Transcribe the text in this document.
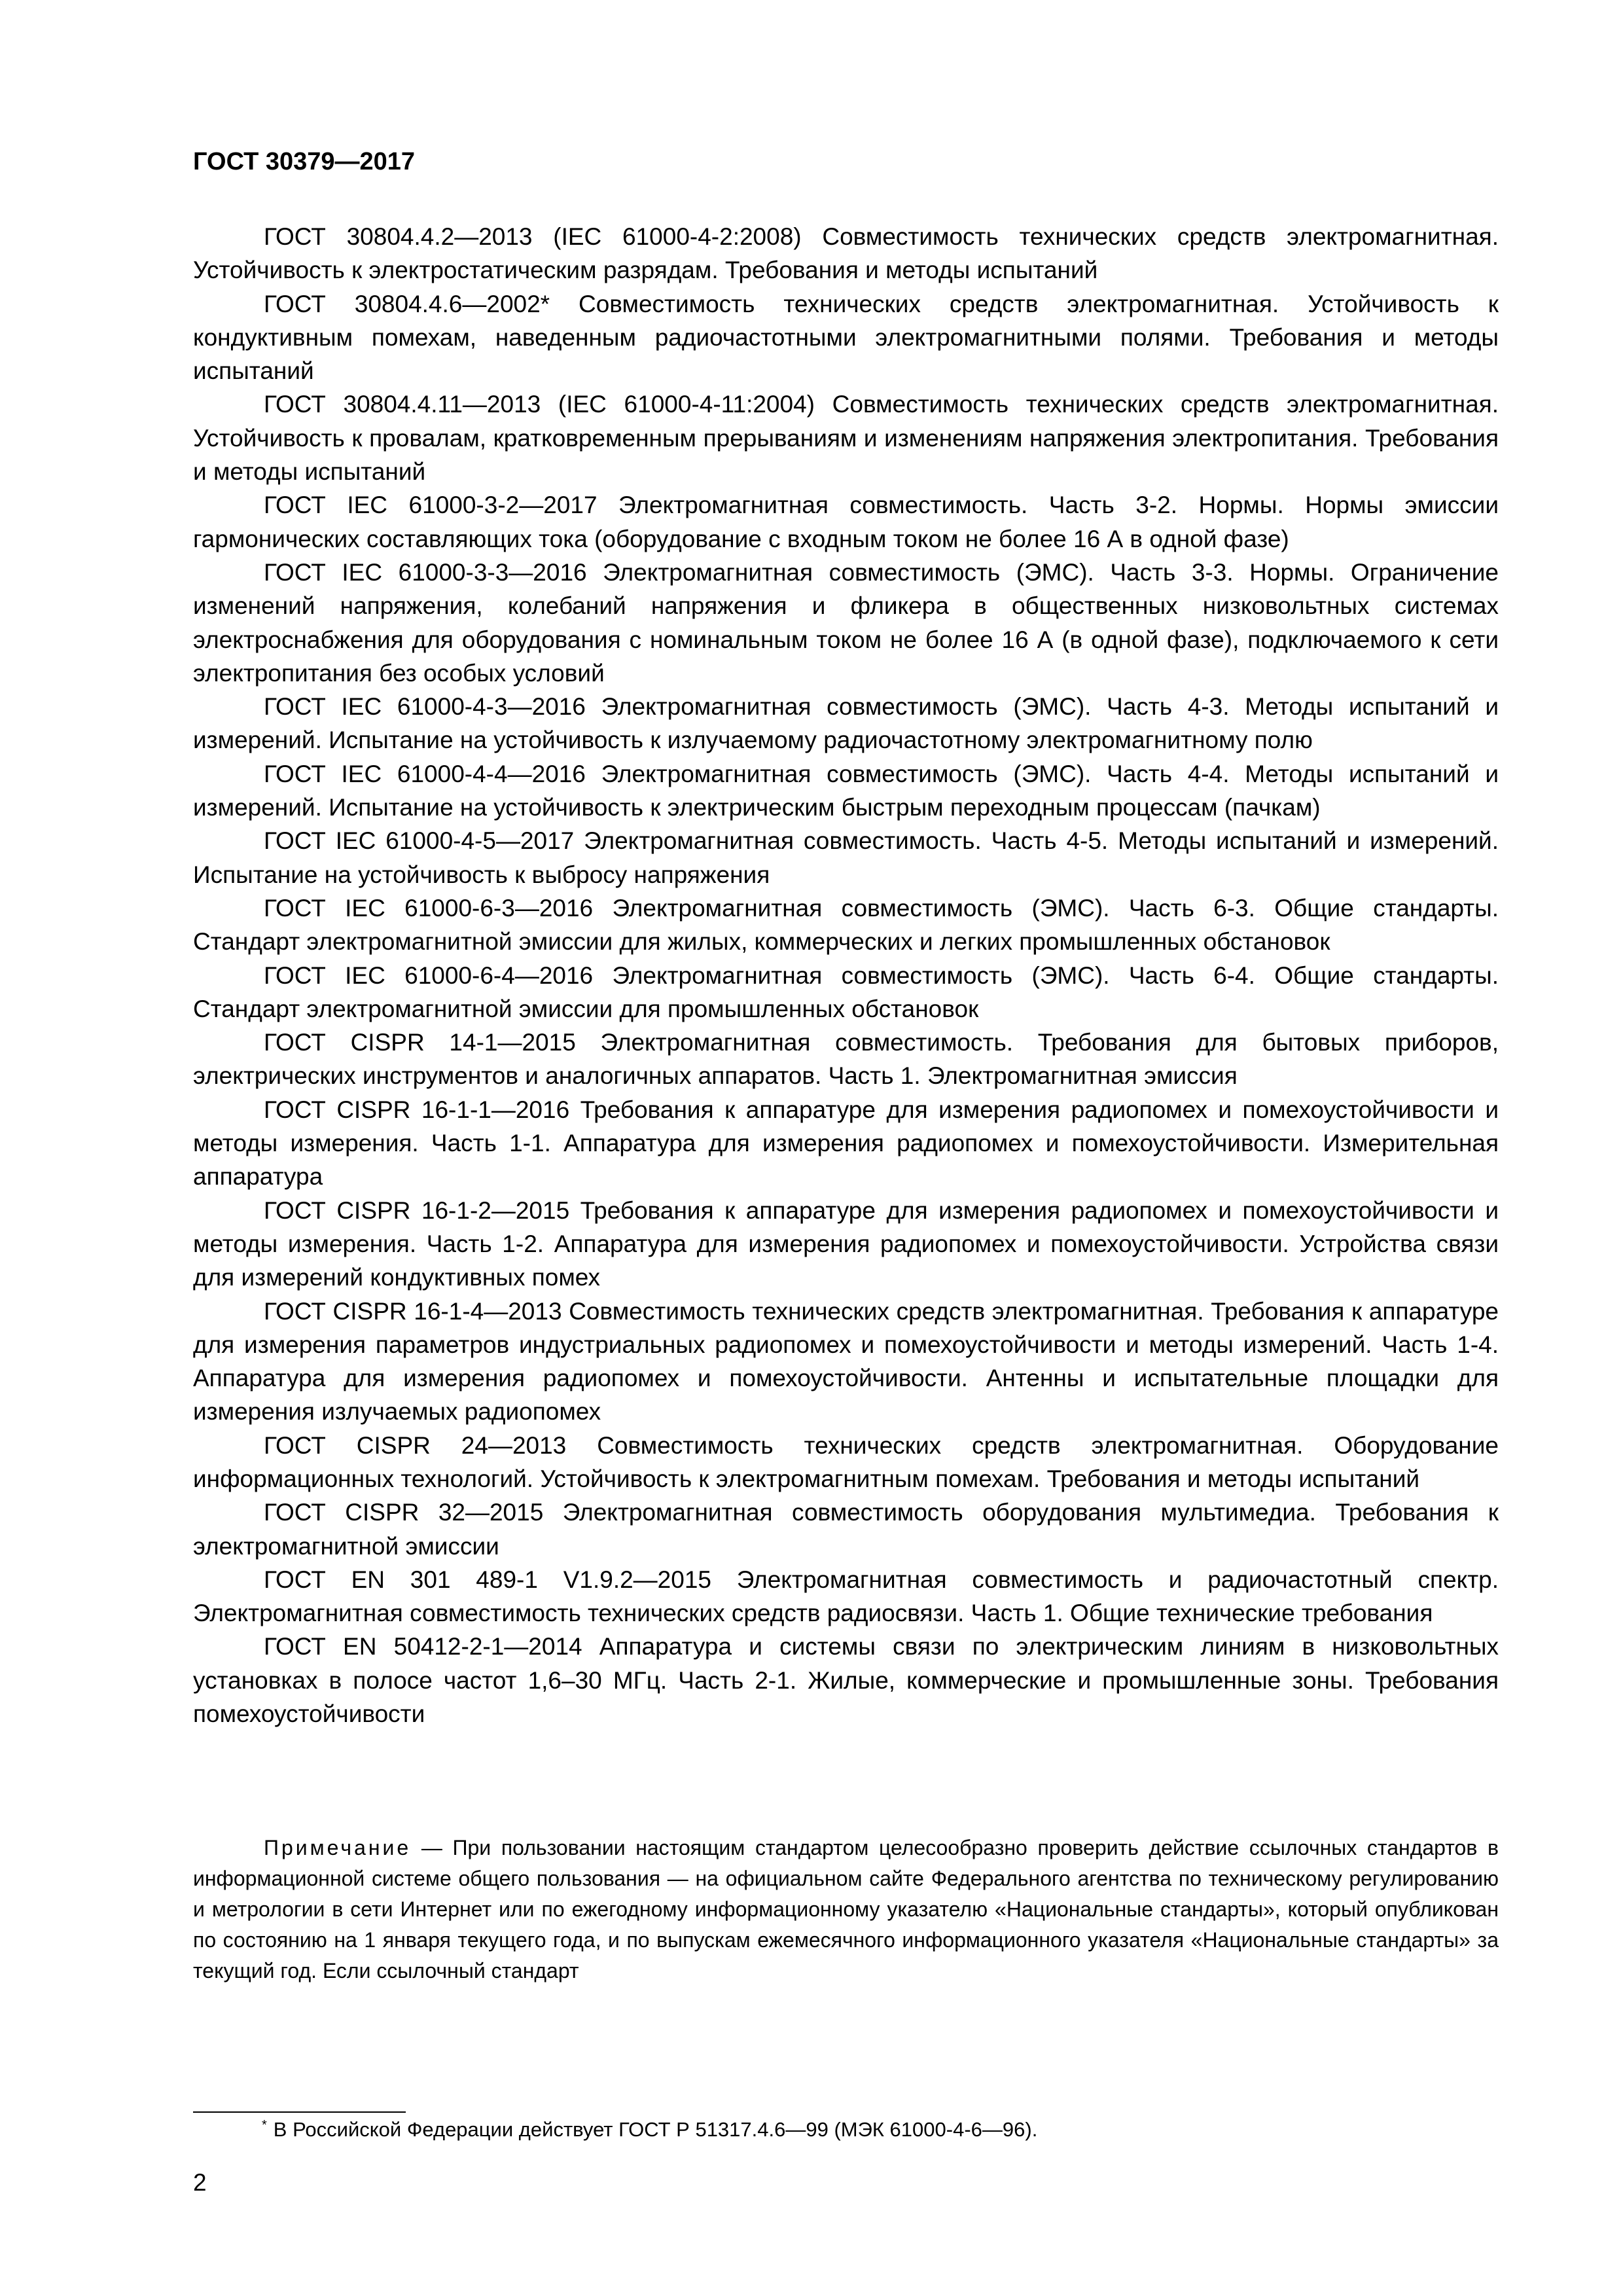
ГОСТ 30379—2017

ГОСТ 30804.4.2—2013 (IEC 61000-4-2:2008) Совместимость технических средств электромагнитная. Устойчивость к электростатическим разрядам. Требования и методы испытаний

ГОСТ 30804.4.6—2002* Совместимость технических средств электромагнитная. Устойчивость к кондуктивным помехам, наведенным радиочастотными электромагнитными полями. Требования и методы испытаний

ГОСТ 30804.4.11—2013 (IEC 61000-4-11:2004) Совместимость технических средств электромагнитная. Устойчивость к провалам, кратковременным прерываниям и изменениям напряжения электропитания. Требования и методы испытаний

ГОСТ IEC 61000-3-2—2017 Электромагнитная совместимость. Часть 3-2. Нормы. Нормы эмиссии гармонических составляющих тока (оборудование с входным током не более 16 А в одной фазе)

ГОСТ IEC 61000-3-3—2016 Электромагнитная совместимость (ЭМС). Часть 3-3. Нормы. Ограничение изменений напряжения, колебаний напряжения и фликера в общественных низковольтных системах электроснабжения для оборудования с номинальным током не более 16 А (в одной фазе), подключаемого к сети электропитания без особых условий

ГОСТ IEC 61000-4-3—2016 Электромагнитная совместимость (ЭМС). Часть 4-3. Методы испытаний и измерений. Испытание на устойчивость к излучаемому радиочастотному электромагнитному полю

ГОСТ IEC 61000-4-4—2016 Электромагнитная совместимость (ЭМС). Часть 4-4. Методы испытаний и измерений. Испытание на устойчивость к электрическим быстрым переходным процессам (пачкам)

ГОСТ IEC 61000-4-5—2017 Электромагнитная совместимость. Часть 4-5. Методы испытаний и измерений. Испытание на устойчивость к выбросу напряжения

ГОСТ IEC 61000-6-3—2016 Электромагнитная совместимость (ЭМС). Часть 6-3. Общие стандарты. Стандарт электромагнитной эмиссии для жилых, коммерческих и легких промышленных обстановок

ГОСТ IEC 61000-6-4—2016 Электромагнитная совместимость (ЭМС). Часть 6-4. Общие стандарты. Стандарт электромагнитной эмиссии для промышленных обстановок

ГОСТ CISPR 14-1—2015 Электромагнитная совместимость. Требования для бытовых приборов, электрических инструментов и аналогичных аппаратов. Часть 1. Электромагнитная эмиссия

ГОСТ CISPR 16-1-1—2016 Требования к аппаратуре для измерения радиопомех и помехоустойчивости и методы измерения. Часть 1-1. Аппаратура для измерения радиопомех и помехоустойчивости. Измерительная аппаратура

ГОСТ CISPR 16-1-2—2015 Требования к аппаратуре для измерения радиопомех и помехоустойчивости и методы измерения. Часть 1-2. Аппаратура для измерения радиопомех и помехоустойчивости. Устройства связи для измерений кондуктивных помех

ГОСТ CISPR 16-1-4—2013 Совместимость технических средств электромагнитная. Требования к аппаратуре для измерения параметров индустриальных радиопомех и помехоустойчивости и методы измерений. Часть 1-4. Аппаратура для измерения радиопомех и помехоустойчивости. Антенны и испытательные площадки для измерения излучаемых радиопомех

ГОСТ CISPR 24—2013 Совместимость технических средств электромагнитная. Оборудование информационных технологий. Устойчивость к электромагнитным помехам. Требования и методы испытаний

ГОСТ CISPR 32—2015 Электромагнитная совместимость оборудования мультимедиа. Требования к электромагнитной эмиссии

ГОСТ EN 301 489-1 V1.9.2—2015 Электромагнитная совместимость и радиочастотный спектр. Электромагнитная совместимость технических средств радиосвязи. Часть 1. Общие технические требования

ГОСТ EN 50412-2-1—2014 Аппаратура и системы связи по электрическим линиям в низковольтных установках в полосе частот 1,6–30 МГц. Часть 2-1. Жилые, коммерческие и промышленные зоны. Требования помехоустойчивости

Примечание — При пользовании настоящим стандартом целесообразно проверить действие ссылочных стандартов в информационной системе общего пользования — на официальном сайте Федерального агентства по техническому регулированию и метрологии в сети Интернет или по ежегодному информационному указателю «Национальные стандарты», который опубликован по состоянию на 1 января текущего года, и по выпускам ежемесячного информационного указателя «Национальные стандарты» за текущий год. Если ссылочный стандарт

* В Российской Федерации действует ГОСТ Р 51317.4.6—99 (МЭК 61000-4-6—96).
2
